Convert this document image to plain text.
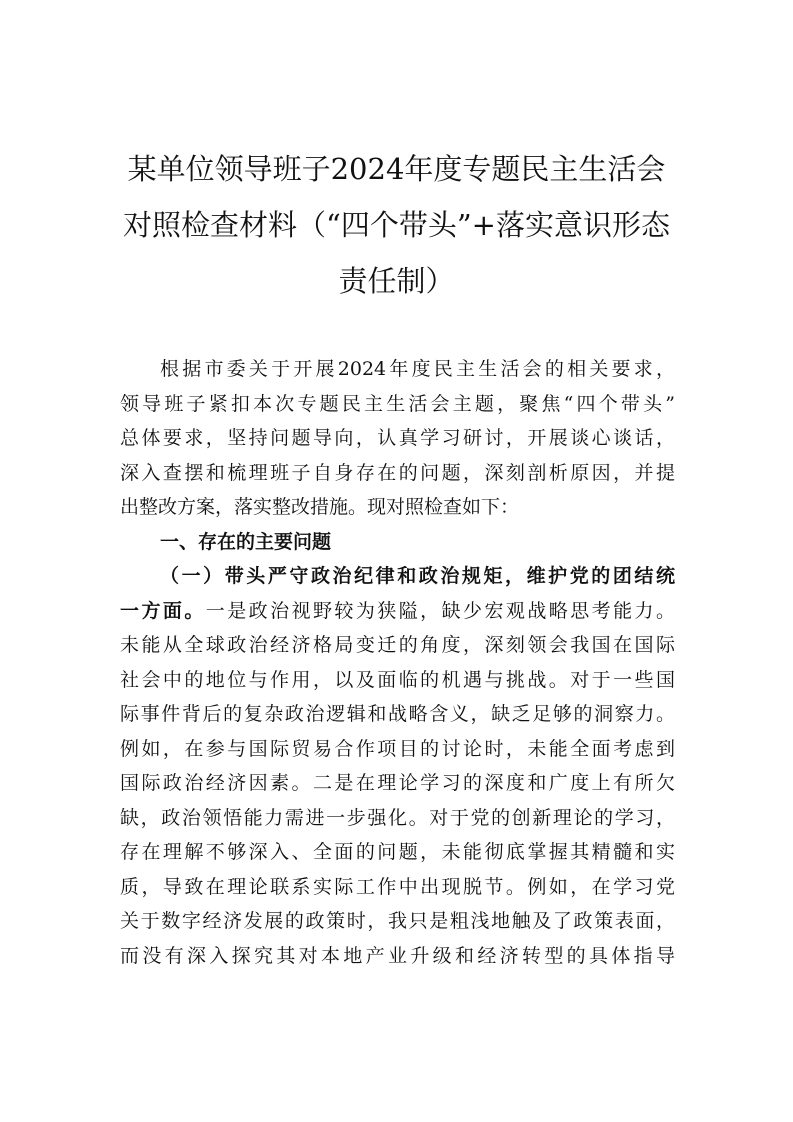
某单位领导班子2024年度专题民主生活会
对照检查材料（“四个带头”+落实意识形态
责任制）
根据市委关于开展2024年度民主生活会的相关要求，
领导班子紧扣本次专题民主生活会主题，聚焦“四个带头”
总体要求，坚持问题导向，认真学习研讨，开展谈心谈话，
深入查摆和梳理班子自身存在的问题，深刻剖析原因，并提
出整改方案，落实整改措施。现对照检查如下：
一、存在的主要问题
（一）带头严守政治纪律和政治规矩，维护党的团结统
一方面。一是政治视野较为狭隘，缺少宏观战略思考能力。
未能从全球政治经济格局变迁的角度，深刻领会我国在国际
社会中的地位与作用，以及面临的机遇与挑战。对于一些国
际事件背后的复杂政治逻辑和战略含义，缺乏足够的洞察力。
例如，在参与国际贸易合作项目的讨论时，未能全面考虑到
国际政治经济因素。二是在理论学习的深度和广度上有所欠
缺，政治领悟能力需进一步强化。对于党的创新理论的学习，
存在理解不够深入、全面的问题，未能彻底掌握其精髓和实
质，导致在理论联系实际工作中出现脱节。例如，在学习党
关于数字经济发展的政策时，我只是粗浅地触及了政策表面，
而没有深入探究其对本地产业升级和经济转型的具体指导
